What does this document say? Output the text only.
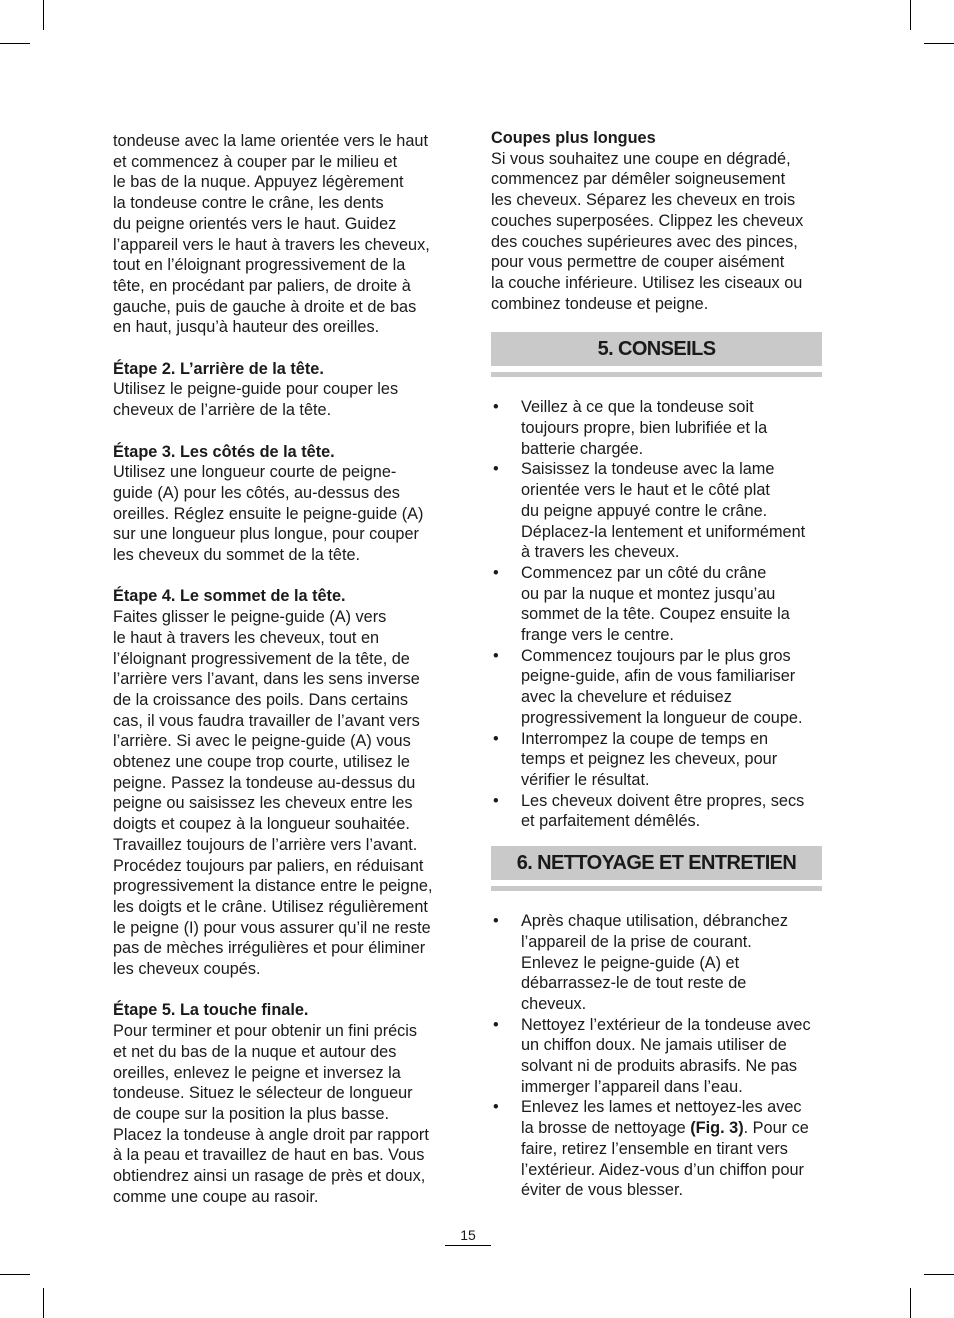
tondeuse avec la lame orientée vers le haut
et commencez à couper par le milieu et
le bas de la nuque. Appuyez légèrement
la tondeuse contre le crâne, les dents
du peigne orientés vers le haut. Guidez
l’appareil vers le haut à travers les cheveux,
tout en l’éloignant progressivement de la
tête, en procédant par paliers, de droite à
gauche, puis de gauche à droite et de bas
en haut, jusqu’à hauteur des oreilles.
Étape 2. L’arrière de la tête.
Utilisez le peigne-guide pour couper les
cheveux de l’arrière de la tête.
Étape 3. Les côtés de la tête.
Utilisez une longueur courte de peigne-
guide (A) pour les côtés, au-dessus des
oreilles. Réglez ensuite le peigne-guide (A)
sur une longueur plus longue, pour couper
les cheveux du sommet de la tête.
Étape 4. Le sommet de la tête.
Faites glisser le peigne-guide (A) vers
le haut à travers les cheveux, tout en
l’éloignant progressivement de la tête, de
l’arrière vers l’avant, dans les sens inverse
de la croissance des poils. Dans certains
cas, il vous faudra travailler de l’avant vers
l’arrière. Si avec le peigne-guide (A) vous
obtenez une coupe trop courte, utilisez le
peigne. Passez la tondeuse au-dessus du
peigne ou saisissez les cheveux entre les
doigts et coupez à la longueur souhaitée.
Travaillez toujours de l’arrière vers l’avant.
Procédez toujours par paliers, en réduisant
progressivement la distance entre le peigne,
les doigts et le crâne. Utilisez régulièrement
le peigne (I) pour vous assurer qu’il ne reste
pas de mèches irrégulières et pour éliminer
les cheveux coupés.
Étape 5. La touche finale.
Pour terminer et pour obtenir un fini précis
et net du bas de la nuque et autour des
oreilles, enlevez le peigne et inversez la
tondeuse. Situez le sélecteur de longueur
de coupe sur la position la plus basse.
Placez la tondeuse à angle droit par rapport
à la peau et travaillez de haut en bas. Vous
obtiendrez ainsi un rasage de près et doux,
comme une coupe au rasoir.
Coupes plus longues
Si vous souhaitez une coupe en dégradé,
commencez par démêler soigneusement
les cheveux. Séparez les cheveux en trois
couches superposées. Clippez les cheveux
des couches supérieures avec des pinces,
pour vous permettre de couper aisément
la couche inférieure. Utilisez les ciseaux ou
combinez tondeuse et peigne.
5. CONSEILS
• Veillez à ce que la tondeuse soit
toujours propre, bien lubrifiée et la
batterie chargée.
• Saisissez la tondeuse avec la lame
orientée vers le haut et le côté plat
du peigne appuyé contre le crâne.
Déplacez-la lentement et uniformément
à travers les cheveux.
• Commencez par un côté du crâne
ou par la nuque et montez jusqu’au
sommet de la tête. Coupez ensuite la
frange vers le centre.
• Commencez toujours par le plus gros
peigne-guide, afin de vous familiariser
avec la chevelure et réduisez
progressivement la longueur de coupe.
• Interrompez la coupe de temps en
temps et peignez les cheveux, pour
vérifier le résultat.
• Les cheveux doivent être propres, secs
et parfaitement démêlés.
6. NETTOYAGE ET ENTRETIEN
• Après chaque utilisation, débranchez
l’appareil de la prise de courant.
Enlevez le peigne-guide (A) et
débarrassez-le de tout reste de
cheveux.
• Nettoyez l’extérieur de la tondeuse avec
un chiffon doux. Ne jamais utiliser de
solvant ni de produits abrasifs. Ne pas
immerger l’appareil dans l’eau.
• Enlevez les lames et nettoyez-les avec
la brosse de nettoyage (Fig. 3). Pour ce
faire, retirez l’ensemble en tirant vers
l’extérieur. Aidez-vous d’un chiffon pour
éviter de vous blesser.
15
